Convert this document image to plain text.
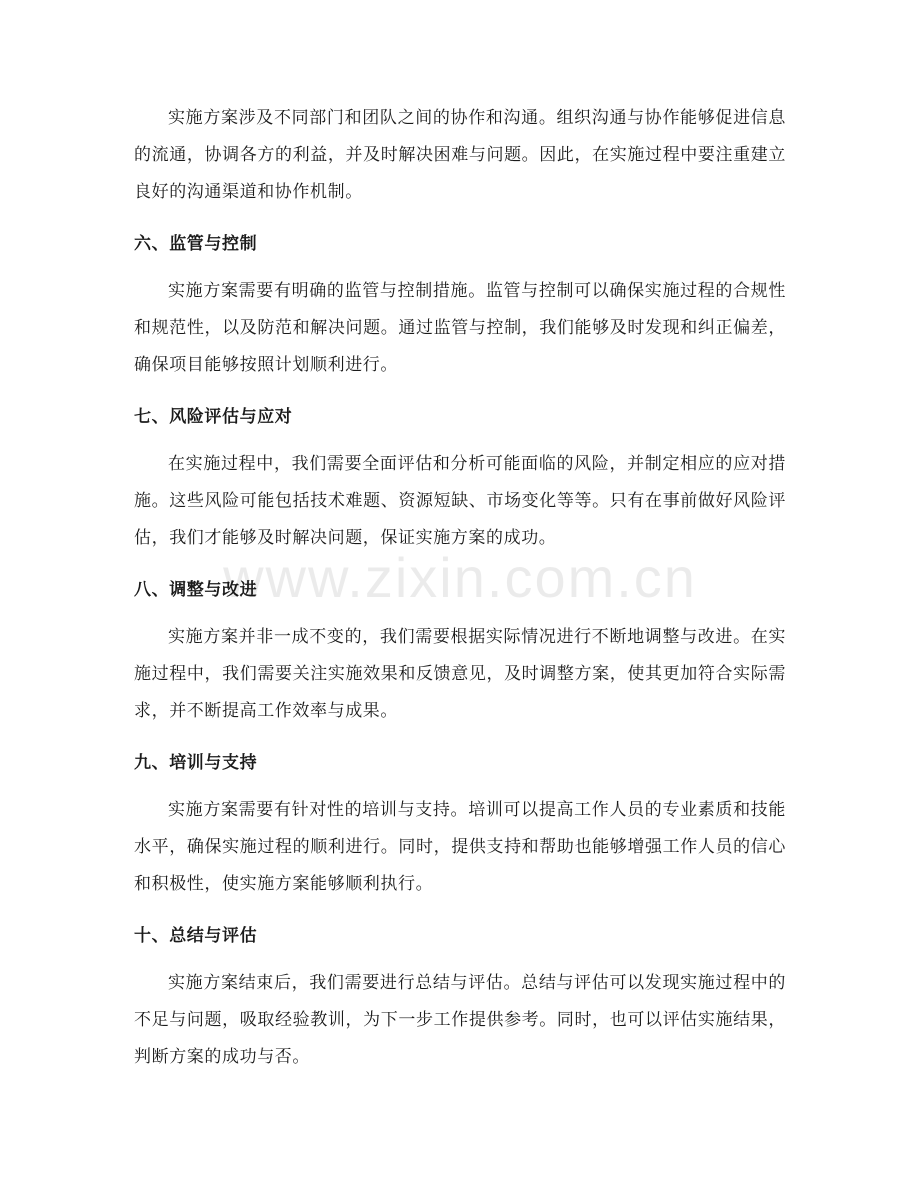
实施方案涉及不同部门和团队之间的协作和沟通。组织沟通与协作能够促进信息的流通，协调各方的利益，并及时解决困难与问题。因此，在实施过程中要注重建立良好的沟通渠道和协作机制。

六、监管与控制

实施方案需要有明确的监管与控制措施。监管与控制可以确保实施过程的合规性和规范性，以及防范和解决问题。通过监管与控制，我们能够及时发现和纠正偏差，确保项目能够按照计划顺利进行。

七、风险评估与应对

在实施过程中，我们需要全面评估和分析可能面临的风险，并制定相应的应对措施。这些风险可能包括技术难题、资源短缺、市场变化等等。只有在事前做好风险评估，我们才能够及时解决问题，保证实施方案的成功。

八、调整与改进

实施方案并非一成不变的，我们需要根据实际情况进行不断地调整与改进。在实施过程中，我们需要关注实施效果和反馈意见，及时调整方案，使其更加符合实际需求，并不断提高工作效率与成果。

九、培训与支持

实施方案需要有针对性的培训与支持。培训可以提高工作人员的专业素质和技能水平，确保实施过程的顺利进行。同时，提供支持和帮助也能够增强工作人员的信心和积极性，使实施方案能够顺利执行。

十、总结与评估

实施方案结束后，我们需要进行总结与评估。总结与评估可以发现实施过程中的不足与问题，吸取经验教训，为下一步工作提供参考。同时，也可以评估实施结果，判断方案的成功与否。

www.zixin.com.cn
